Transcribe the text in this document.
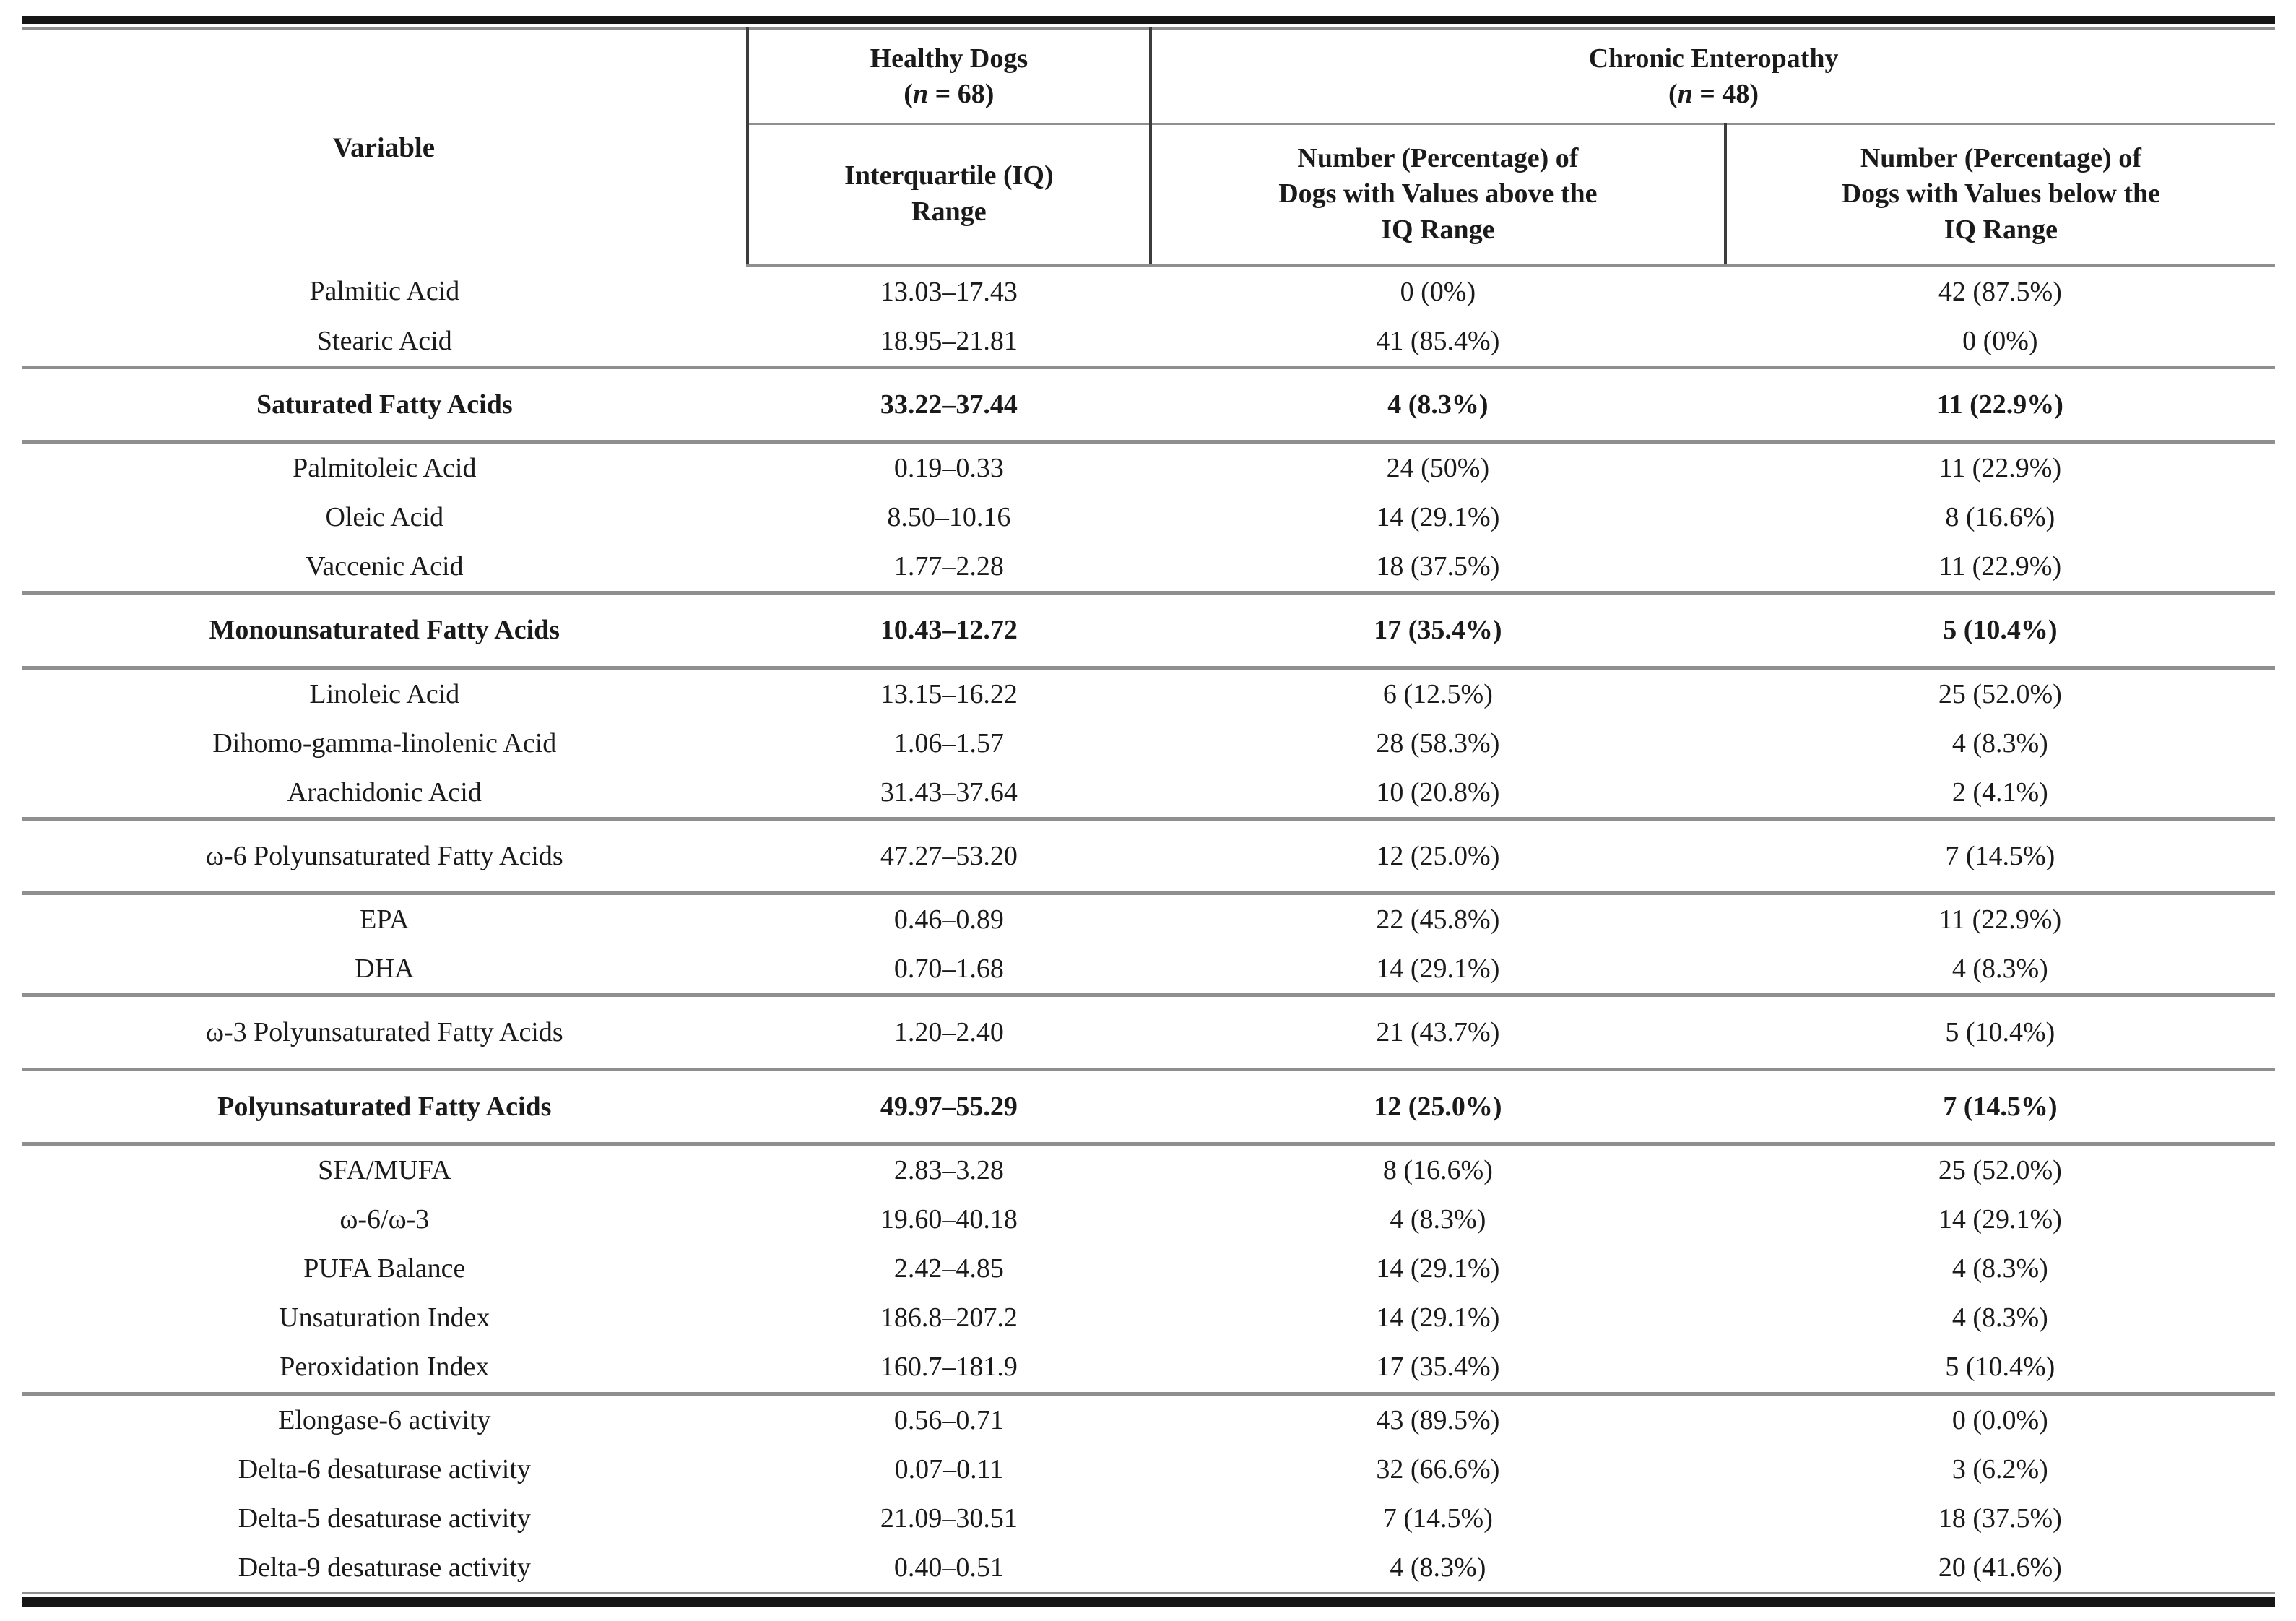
Variable	
Healthy Dogs
(n = 68)

Chronic Enteropathy
(n = 48)

Interquartile (IQ)
Range

Number (Percentage) of
Dogs with Values above the
IQ Range

Number (Percentage) of
Dogs with Values below the
IQ Range

Palmitic Acid	13.03–17.43	0 (0%)	42 (87.5%)
Stearic Acid	18.95–21.81	41 (85.4%)	0 (0%)
Saturated Fatty Acids	33.22–37.44	4 (8.3%)	11 (22.9%)
Palmitoleic Acid	0.19–0.33	24 (50%)	11 (22.9%)
Oleic Acid	8.50–10.16	14 (29.1%)	8 (16.6%)
Vaccenic Acid	1.77–2.28	18 (37.5%)	11 (22.9%)
Monounsaturated Fatty Acids	10.43–12.72	17 (35.4%)	5 (10.4%)
Linoleic Acid	13.15–16.22	6 (12.5%)	25 (52.0%)
Dihomo-gamma-linolenic Acid	1.06–1.57	28 (58.3%)	4 (8.3%)
Arachidonic Acid	31.43–37.64	10 (20.8%)	2 (4.1%)
ω-6 Polyunsaturated Fatty Acids	47.27–53.20	12 (25.0%)	7 (14.5%)
EPA	0.46–0.89	22 (45.8%)	11 (22.9%)
DHA	0.70–1.68	14 (29.1%)	4 (8.3%)
ω-3 Polyunsaturated Fatty Acids	1.20–2.40	21 (43.7%)	5 (10.4%)
Polyunsaturated Fatty Acids	49.97–55.29	12 (25.0%)	7 (14.5%)
SFA/MUFA	2.83–3.28	8 (16.6%)	25 (52.0%)
ω-6/ω-3	19.60–40.18	4 (8.3%)	14 (29.1%)
PUFA Balance	2.42–4.85	14 (29.1%)	4 (8.3%)
Unsaturation Index	186.8–207.2	14 (29.1%)	4 (8.3%)
Peroxidation Index	160.7–181.9	17 (35.4%)	5 (10.4%)
Elongase-6 activity	0.56–0.71	43 (89.5%)	0 (0.0%)
Delta-6 desaturase activity	0.07–0.11	32 (66.6%)	3 (6.2%)
Delta-5 desaturase activity	21.09–30.51	7 (14.5%)	18 (37.5%)
Delta-9 desaturase activity	0.40–0.51	4 (8.3%)	20 (41.6%)
